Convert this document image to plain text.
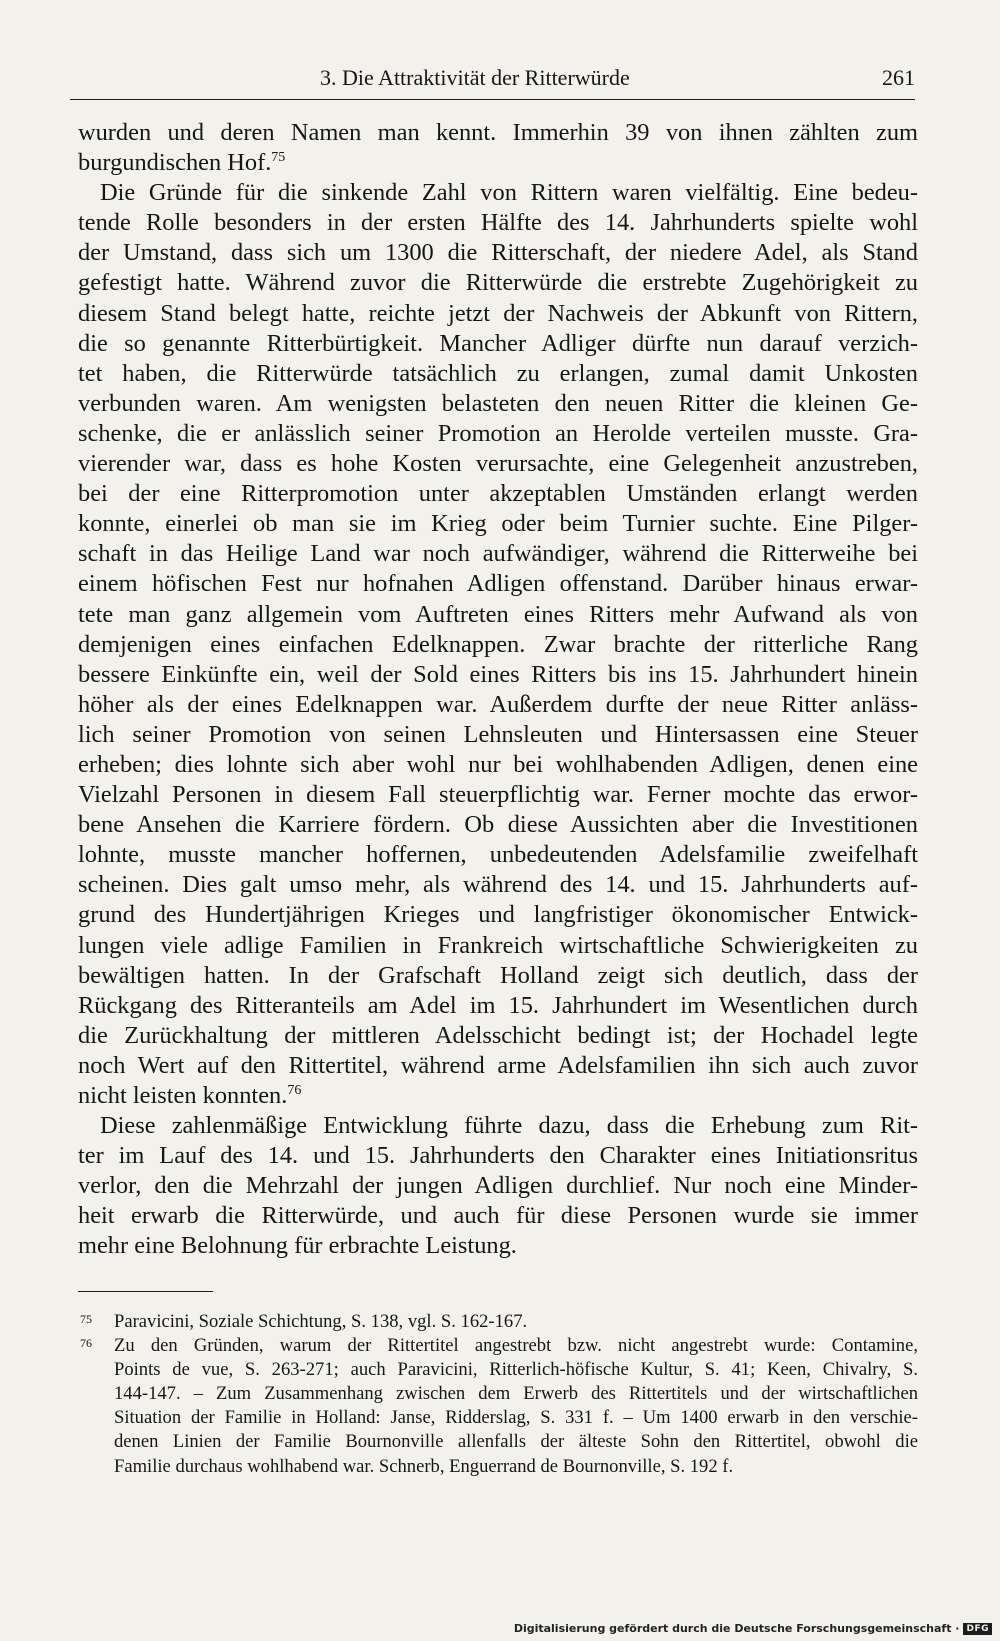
3. Die Attraktivität der Ritterwürde	261
wurden und deren Namen man kennt. Immerhin 39 von ihnen zählten zum
burgundischen Hof.$^{75}$
Die Gründe für die sinkende Zahl von Rittern waren vielfältig. Eine bedeu-
tende Rolle besonders in der ersten Hälfte des 14. Jahrhunderts spielte wohl
der Umstand, dass sich um 1300 die Ritterschaft, der niedere Adel, als Stand
gefestigt hatte. Während zuvor die Ritterwürde die erstrebte Zugehörigkeit zu
diesem Stand belegt hatte, reichte jetzt der Nachweis der Abkunft von Rittern,
die so genannte Ritterbürtigkeit. Mancher Adliger dürfte nun darauf verzich-
tet haben, die Ritterwürde tatsächlich zu erlangen, zumal damit Unkosten
verbunden waren. Am wenigsten belasteten den neuen Ritter die kleinen Ge-
schenke, die er anlässlich seiner Promotion an Herolde verteilen musste. Gra-
vierender war, dass es hohe Kosten verursachte, eine Gelegenheit anzustreben,
bei der eine Ritterpromotion unter akzeptablen Umständen erlangt werden
konnte, einerlei ob man sie im Krieg oder beim Turnier suchte. Eine Pilger-
schaft in das Heilige Land war noch aufwändiger, während die Ritterweihe bei
einem höfischen Fest nur hofnahen Adligen offenstand. Darüber hinaus erwar-
tete man ganz allgemein vom Auftreten eines Ritters mehr Aufwand als von
demjenigen eines einfachen Edelknappen. Zwar brachte der ritterliche Rang
bessere Einkünfte ein, weil der Sold eines Ritters bis ins 15. Jahrhundert hinein
höher als der eines Edelknappen war. Außerdem durfte der neue Ritter anläss-
lich seiner Promotion von seinen Lehnsleuten und Hintersassen eine Steuer
erheben; dies lohnte sich aber wohl nur bei wohlhabenden Adligen, denen eine
Vielzahl Personen in diesem Fall steuerpflichtig war. Ferner mochte das erwor-
bene Ansehen die Karriere fördern. Ob diese Aussichten aber die Investitionen
lohnte, musste mancher hoffernen, unbedeutenden Adelsfamilie zweifelhaft
scheinen. Dies galt umso mehr, als während des 14. und 15. Jahrhunderts auf-
grund des Hundertjährigen Krieges und langfristiger ökonomischer Entwick-
lungen viele adlige Familien in Frankreich wirtschaftliche Schwierigkeiten zu
bewältigen hatten. In der Grafschaft Holland zeigt sich deutlich, dass der
Rückgang des Ritteranteils am Adel im 15. Jahrhundert im Wesentlichen durch
die Zurückhaltung der mittleren Adelsschicht bedingt ist; der Hochadel legte
noch Wert auf den Rittertitel, während arme Adelsfamilien ihn sich auch zuvor
nicht leisten konnten.$^{76}$
Diese zahlenmäßige Entwicklung führte dazu, dass die Erhebung zum Rit-
ter im Lauf des 14. und 15. Jahrhunderts den Charakter eines Initiationsritus
verlor, den die Mehrzahl der jungen Adligen durchlief. Nur noch eine Minder-
heit erwarb die Ritterwürde, und auch für diese Personen wurde sie immer
mehr eine Belohnung für erbrachte Leistung.
75 Paravicini, Soziale Schichtung, S. 138, vgl. S. 162-167.
76 Zu den Gründen, warum der Rittertitel angestrebt bzw. nicht angestrebt wurde: Contamine,
Points de vue, S. 263-271; auch Paravicini, Ritterlich-höfische Kultur, S. 41; Keen, Chivalry, S.
144-147. – Zum Zusammenhang zwischen dem Erwerb des Rittertitels und der wirtschaftlichen
Situation der Familie in Holland: Janse, Ridderslag, S. 331 f. – Um 1400 erwarb in den verschie-
denen Linien der Familie Bournonville allenfalls der älteste Sohn den Rittertitel, obwohl die
Familie durchaus wohlhabend war. Schnerb, Enguerrand de Bournonville, S. 192 f.
Digitalisierung gefördert durch die Deutsche Forschungsgemeinschaft · DFG
